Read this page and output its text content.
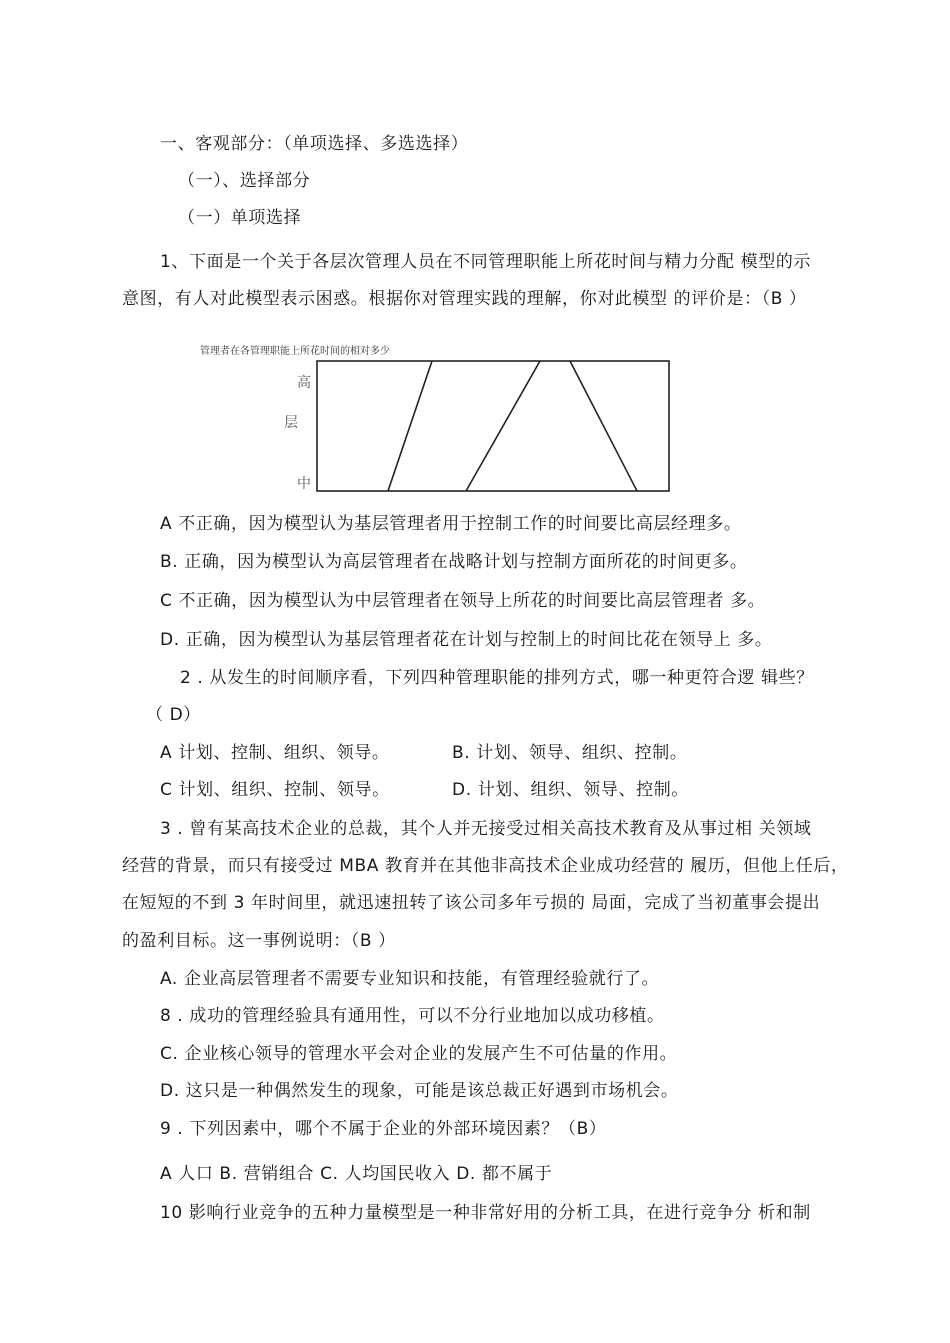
一、客观部分：（单项选择、多选选择）
（一）、选择部分
（一）单项选择
1、下面是一个关于各层次管理人员在不同管理职能上所花时间与精力分配 模型的示
意图，有人对此模型表示困惑。根据你对管理实践的理解，你对此模型 的评价是：（B ）
管理者在各管理职能上所花时间的相对多少
高
层
中
A 不正确，因为模型认为基层管理者用于控制工作的时间要比高层经理多。
B. 正确，因为模型认为高层管理者在战略计划与控制方面所花的时间更多。
C 不正确，因为模型认为中层管理者在领导上所花的时间要比高层管理者 多。
D. 正确，因为模型认为基层管理者花在计划与控制上的时间比花在领导上 多。
2 . 从发生的时间顺序看，下列四种管理职能的排列方式，哪一种更符合逻 辑些？
（ D）
A 计划、控制、组织、领导。	B. 计划、领导、组织、控制。
C 计划、组织、控制、领导。	D. 计划、组织、领导、控制。
3 . 曾有某高技术企业的总裁，其个人并无接受过相关高技术教育及从事过相 关领域
经营的背景，而只有接受过 MBA 教育并在其他非高技术企业成功经营的 履历，但他上任后，
在短短的不到 3 年时间里，就迅速扭转了该公司多年亏损的 局面，完成了当初董事会提出
的盈利目标。这一事例说明：（B ）
A. 企业高层管理者不需要专业知识和技能，有管理经验就行了。
8 . 成功的管理经验具有通用性，可以不分行业地加以成功移植。
C. 企业核心领导的管理水平会对企业的发展产生不可估量的作用。
D. 这只是一种偶然发生的现象，可能是该总裁正好遇到市场机会。
9 . 下列因素中，哪个不属于企业的外部环境因素？（B）
A 人口 B. 营销组合 C. 人均国民收入 D. 都不属于
10 影响行业竞争的五种力量模型是一种非常好用的分析工具，在进行竞争分 析和制
